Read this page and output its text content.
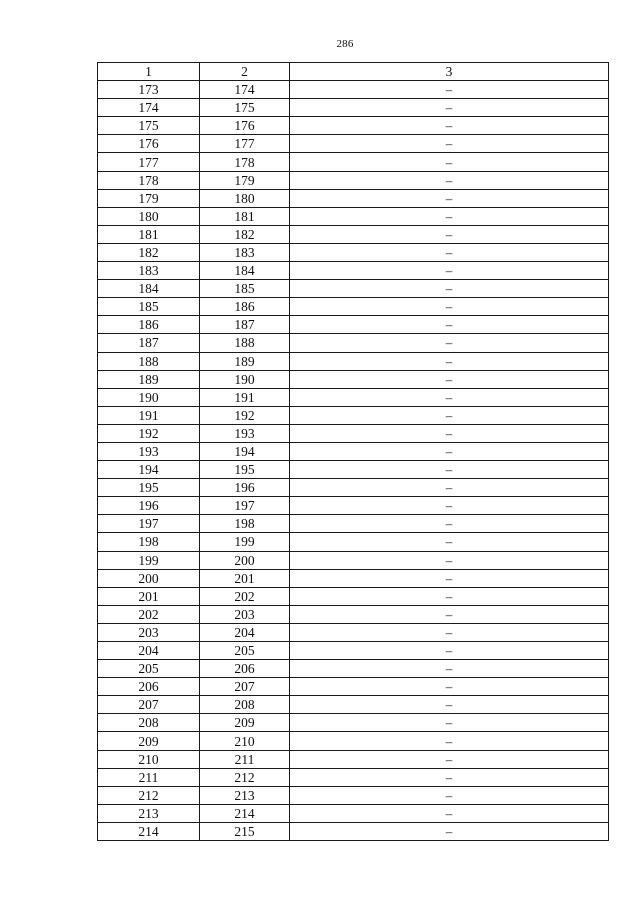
286
1	2	3
173	174	–
174	175	–
175	176	–
176	177	–
177	178	–
178	179	–
179	180	–
180	181	–
181	182	–
182	183	–
183	184	–
184	185	–
185	186	–
186	187	–
187	188	–
188	189	–
189	190	–
190	191	–
191	192	–
192	193	–
193	194	–
194	195	–
195	196	–
196	197	–
197	198	–
198	199	–
199	200	–
200	201	–
201	202	–
202	203	–
203	204	–
204	205	–
205	206	–
206	207	–
207	208	–
208	209	–
209	210	–
210	211	–
211	212	–
212	213	–
213	214	–
214	215	–
